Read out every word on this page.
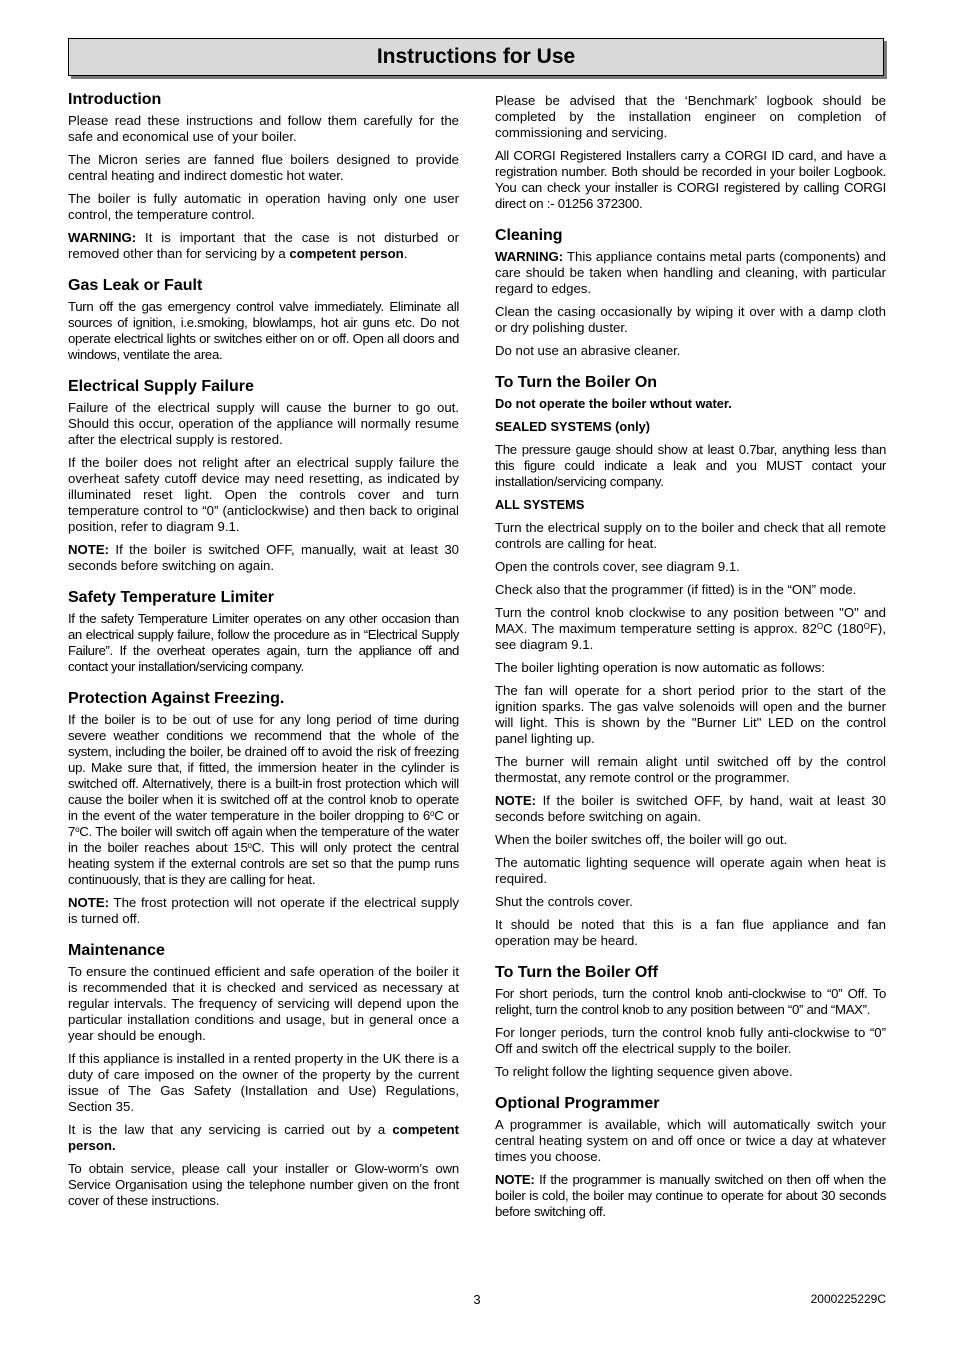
Instructions for Use
Introduction

Please read these instructions and follow them carefully for the safe and economical use of your boiler.

The Micron series are fanned flue boilers designed to provide central heating and indirect domestic hot water.

The boiler is fully automatic in operation having only one user control, the temperature control.

WARNING: It is important that the case is not disturbed or removed other than for servicing by a competent person.

Gas Leak or Fault

Turn off the gas emergency control valve immediately. Eliminate all sources of ignition, i.e.smoking, blowlamps, hot air guns etc. Do not operate electrical lights or switches either on or off. Open all doors and windows, ventilate the area.

Electrical Supply Failure

Failure of the electrical supply will cause the burner to go out. Should this occur, operation of the appliance will normally resume after the electrical supply is restored.

If the boiler does not relight after an electrical supply failure the overheat safety cutoff device may need resetting, as indicated by illuminated reset light. Open the controls cover and turn temperature control to “0” (anticlockwise) and then back to original position, refer to diagram 9.1.

NOTE: If the boiler is switched OFF, manually, wait at least 30 seconds before switching on again.

Safety Temperature Limiter

If the safety Temperature Limiter operates on any other occasion than an electrical supply failure, follow the procedure as in “Electrical Supply Failure”. If the overheat operates again, turn the appliance off and contact your installation/servicing company.

Protection Against Freezing.

If the boiler is to be out of use for any long period of time during severe weather conditions we recommend that the whole of the system, including the boiler, be drained off to avoid the risk of freezing up. Make sure that, if fitted, the immersion heater in the cylinder is switched off. Alternatively, there is a built-in frost protection which will cause the boiler when it is switched off at the control knob to operate in the event of the water temperature in the boiler dropping to 6$^o$C or 7$^o$C. The boiler will switch off again when the temperature of the water in the boiler reaches about 15$^o$C. This will only protect the central heating system if the external controls are set so that the pump runs continuously, that is they are calling for heat.

NOTE: The frost protection will not operate if the electrical supply is turned off.

Maintenance

To ensure the continued efficient and safe operation of the boiler it is recommended that it is checked and serviced as necessary at regular intervals. The frequency of servicing will depend upon the particular installation conditions and usage, but in general once a year should be enough.

If this appliance is installed in a rented property in the UK there is a duty of care imposed on the owner of the property by the current issue of The Gas Safety (Installation and Use) Regulations, Section 35.

It is the law that any servicing is carried out by a competent person.

To obtain service, please call your installer or Glow-worm’s own Service Organisation using the telephone number given on the front cover of these instructions.

Please be advised that the ‘Benchmark’ logbook should be completed by the installation engineer on completion of commissioning and servicing.

All CORGI Registered Installers carry a CORGI ID card, and have a registration number. Both should be recorded in your boiler Logbook. You can check your installer is CORGI registered by calling CORGI direct on :- 01256 372300.

Cleaning

WARNING: This appliance contains metal parts (components) and care should be taken when handling and cleaning, with particular regard to edges.

Clean the casing occasionally by wiping it over with a damp cloth or dry polishing duster.

Do not use an abrasive cleaner.

To Turn the Boiler On

Do not operate the boiler wthout water.

SEALED SYSTEMS (only)

The pressure gauge should show at least 0.7bar, anything less than this figure could indicate a leak and you MUST contact your installation/servicing company.

ALL SYSTEMS

Turn the electrical supply on to the boiler and check that all remote controls are calling for heat.

Open the controls cover, see diagram 9.1.

Check also that the programmer (if fitted) is in the “ON” mode.

Turn the control knob clockwise to any position between "O" and MAX. The maximum temperature setting is approx. $82^OC$ $(180^OF)$, see diagram 9.1.

The boiler lighting operation is now automatic as follows:

The fan will operate for a short period prior to the start of the ignition sparks. The gas valve solenoids will open and the burner will light. This is shown by the "Burner Lit" LED on the control panel lighting up.

The burner will remain alight until switched off by the control thermostat, any remote control or the programmer.

NOTE: If the boiler is switched OFF, by hand, wait at least 30 seconds before switching on again.

When the boiler switches off, the boiler will go out.

The automatic lighting sequence will operate again when heat is required.

Shut the controls cover.

It should be noted that this is a fan flue appliance and fan operation may be heard.

To Turn the Boiler Off

For short periods, turn the control knob anti-clockwise to “0” Off. To relight, turn the control knob to any position between “0” and “MAX”.

For longer periods, turn the control knob fully anti-clockwise to “0” Off and switch off the electrical supply to the boiler.

To relight follow the lighting sequence given above.

Optional Programmer

A programmer is available, which will automatically switch your central heating system on and off once or twice a day at whatever times you choose.

NOTE: If the programmer is manually switched on then off when the boiler is cold, the boiler may continue to operate for about 30 seconds before switching off.

3	2000225229C
